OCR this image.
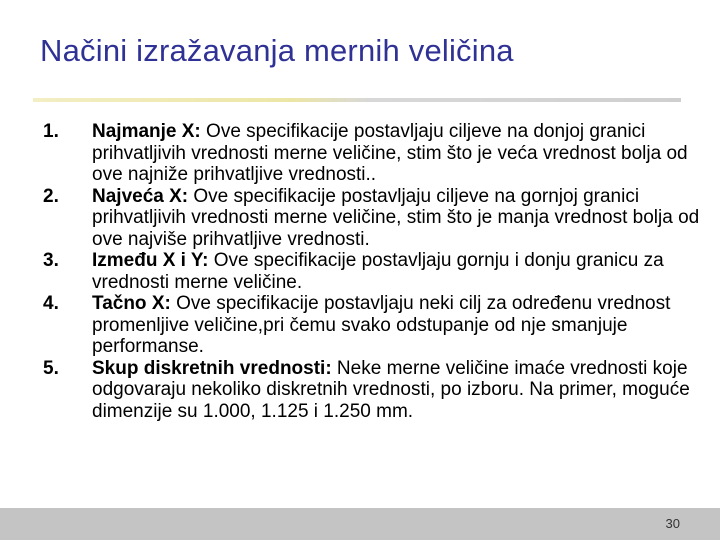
Načini izražavanja mernih veličina
1. Najmanje X: Ove specifikacije postavljaju ciljeve na donjoj granici prihvatljivih vrednosti merne veličine, stim što je veća vrednost bolja od ove najniže prihvatljive vrednosti..
2. Najveća X: Ove specifikacije postavljaju ciljeve na gornjoj granici prihvatljivih vrednosti merne veličine, stim što je manja vrednost bolja od ove najviše prihvatljive vrednosti.
3. Između X i Y: Ove specifikacije postavljaju gornju i donju granicu za vrednosti merne veličine.
4. Tačno X: Ove specifikacije postavljaju neki cilj za određenu vrednost promenljive veličine,pri čemu svako odstupanje od nje smanjuje performanse.
5. Skup diskretnih vrednosti: Neke merne veličine imaće vrednosti koje odgovaraju nekoliko diskretnih vrednosti, po izboru. Na primer, moguće dimenzije su 1.000, 1.125 i 1.250 mm.
30
